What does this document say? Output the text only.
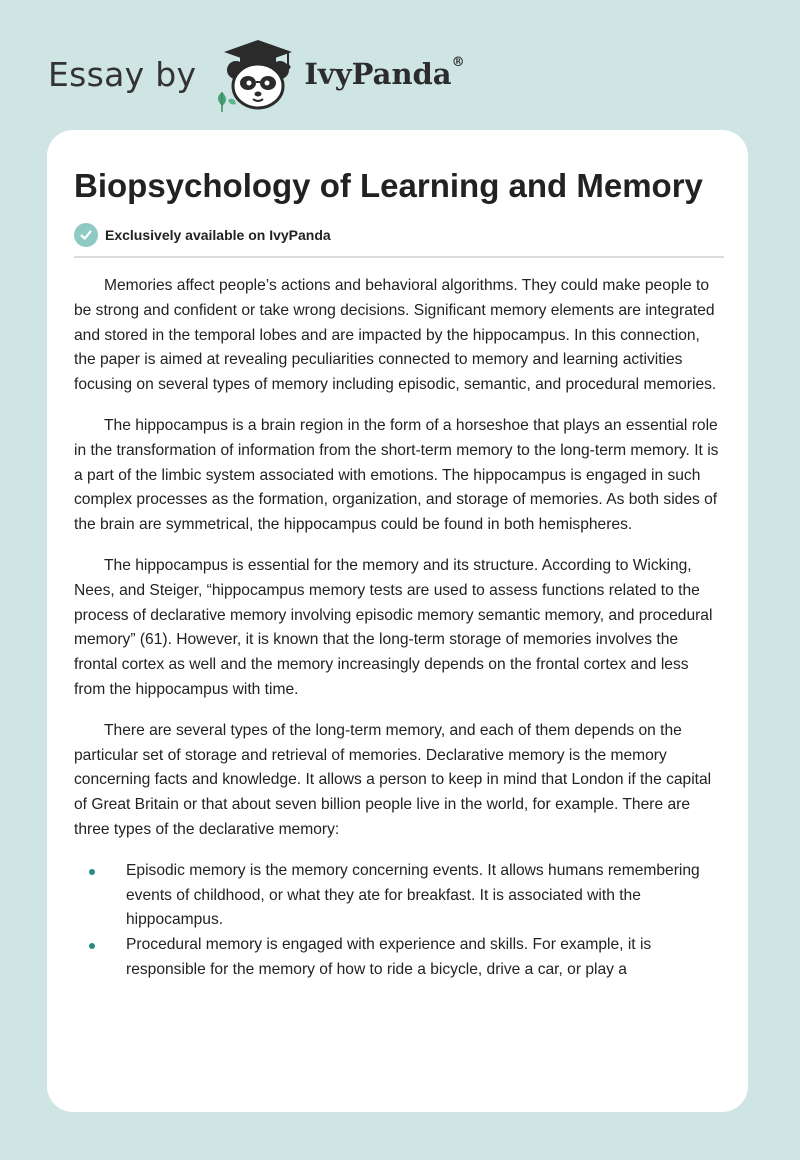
Essay by	IvyPanda®
Biopsychology of Learning and Memory
Exclusively available on IvyPanda

Memories affect people’s actions and behavioral algorithms. They could make people to be strong and confident or take wrong decisions. Significant memory elements are integrated and stored in the temporal lobes and are impacted by the hippocampus. In this connection, the paper is aimed at revealing peculiarities connected to memory and learning activities focusing on several types of memory including episodic, semantic, and procedural memories.

The hippocampus is a brain region in the form of a horseshoe that plays an essential role in the transformation of information from the short-term memory to the long-term memory. It is a part of the limbic system associated with emotions. The hippocampus is engaged in such complex processes as the formation, organization, and storage of memories. As both sides of the brain are symmetrical, the hippocampus could be found in both hemispheres.

The hippocampus is essential for the memory and its structure. According to Wicking, Nees, and Steiger, “hippocampus memory tests are used to assess functions related to the process of declarative memory involving episodic memory semantic memory, and procedural memory” (61). However, it is known that the long-term storage of memories involves the frontal cortex as well and the memory increasingly depends on the frontal cortex and less from the hippocampus with time.

There are several types of the long-term memory, and each of them depends on the particular set of storage and retrieval of memories. Declarative memory is the memory concerning facts and knowledge. It allows a person to keep in mind that London if the capital of Great Britain or that about seven billion people live in the world, for example. There are three types of the declarative memory:

Episodic memory is the memory concerning events. It allows humans remembering events of childhood, or what they ate for breakfast. It is associated with the hippocampus.
Procedural memory is engaged with experience and skills. For example, it is responsible for the memory of how to ride a bicycle, drive a car, or play a
